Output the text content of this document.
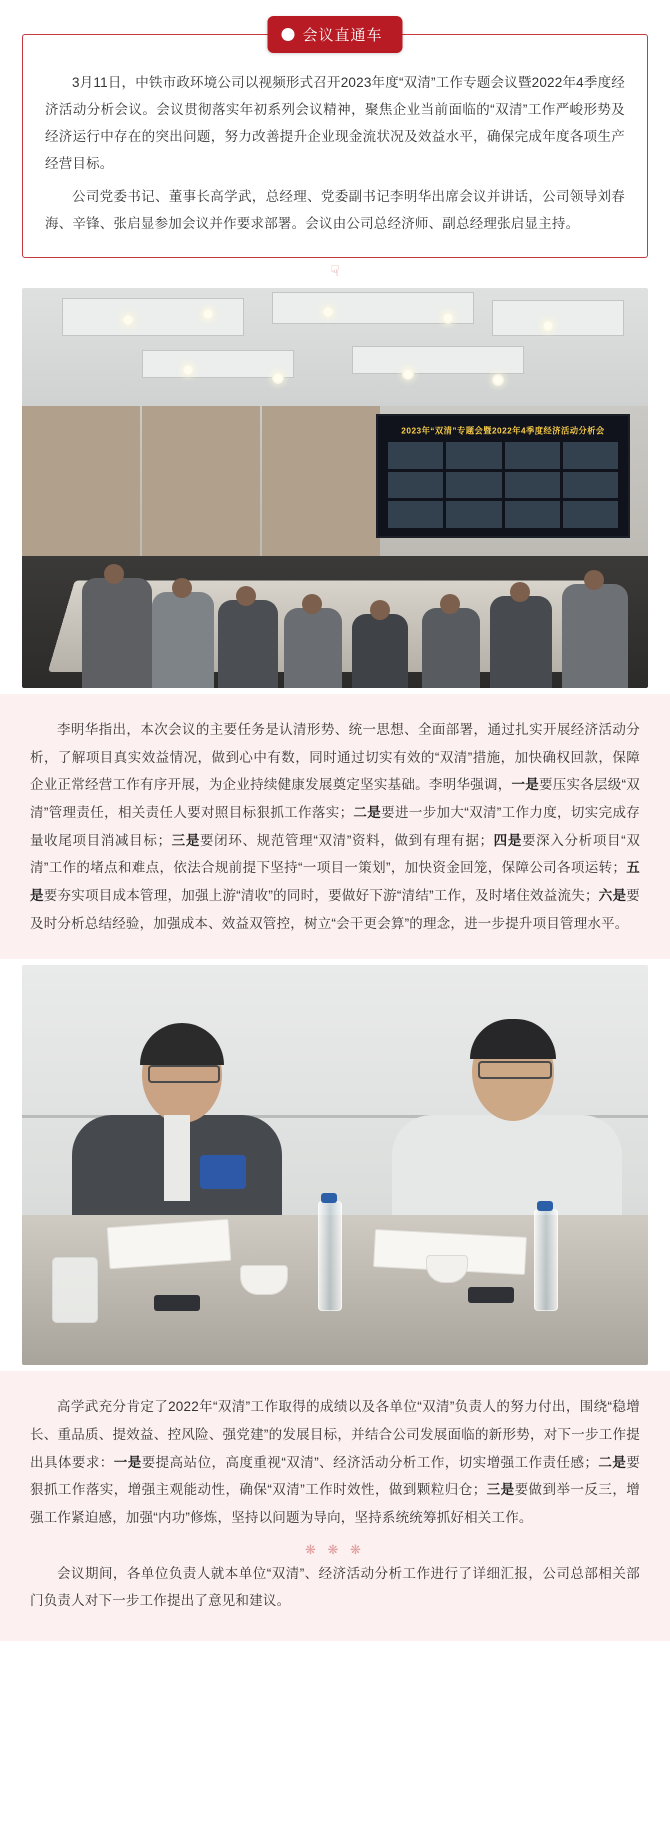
会议直通车

3月11日，中铁市政环境公司以视频形式召开2023年度“双清”工作专题会议暨2022年4季度经济活动分析会议。会议贯彻落实年初系列会议精神，聚焦企业当前面临的“双清”工作严峻形势及经济运行中存在的突出问题，努力改善提升企业现金流状况及效益水平，确保完成年度各项生产经营目标。

公司党委书记、董事长高学武，总经理、党委副书记李明华出席会议并讲话，公司领导刘春海、辛锋、张启显参加会议并作要求部署。会议由公司总经济师、副总经理张启显主持。

☟
2023年“双清”专题会暨2022年4季度经济活动分析会

李明华指出，本次会议的主要任务是认清形势、统一思想、全面部署，通过扎实开展经济活动分析，了解项目真实效益情况，做到心中有数，同时通过切实有效的“双清”措施，加快确权回款，保障企业正常经营工作有序开展，为企业持续健康发展奠定坚实基础。李明华强调，一是要压实各层级“双清”管理责任，相关责任人要对照目标狠抓工作落实；二是要进一步加大“双清”工作力度，切实完成存量收尾项目消减目标；三是要闭环、规范管理“双清”资料，做到有理有据；四是要深入分析项目“双清”工作的堵点和难点，依法合规前提下坚持“一项目一策划”，加快资金回笼，保障公司各项运转；五是要夯实项目成本管理，加强上游“清收”的同时，要做好下游“清结”工作，及时堵住效益流失；六是要及时分析总结经验，加强成本、效益双管控，树立“会干更会算”的理念，进一步提升项目管理水平。

高学武充分肯定了2022年“双清”工作取得的成绩以及各单位“双清”负责人的努力付出，围绕“稳增长、重品质、提效益、控风险、强党建”的发展目标，并结合公司发展面临的新形势，对下一步工作提出具体要求：一是要提高站位，高度重视“双清”、经济活动分析工作，切实增强工作责任感；二是要狠抓工作落实，增强主观能动性，确保“双清”工作时效性，做到颗粒归仓；三是要做到举一反三，增强工作紧迫感，加强“内功”修炼，坚持以问题为导向，坚持系统统筹抓好相关工作。

❋ ❋ ❋

会议期间，各单位负责人就本单位“双清”、经济活动分析工作进行了详细汇报，公司总部相关部门负责人对下一步工作提出了意见和建议。
